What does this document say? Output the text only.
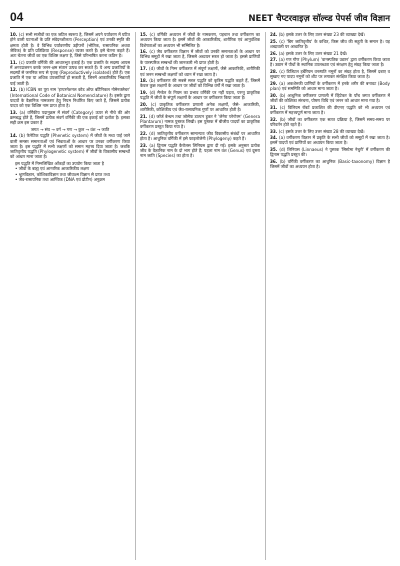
04	NEET चैप्टरवाइज़ सॉल्व्ड पेपर्स जीव विज्ञान

10. (c) सभी सजीवों का एक जटिल स्वरूप है, जिसमें अपने पर्यावरण में घटित होने वाली घटनाओं के प्रति संवेदनशीलता (Perception) एवं उनकी स्मृति की क्षमता होती है। वे विभिन्न पर्यावरणीय उद्दीपनों (भौतिक, रासायनिक अथवा जैविक) के प्रति प्रतिक्रिया (Response) व्यक्त करते हैं। इसे चेतना कहते हैं। अतः चेतना जीवों का एक विशिष्ट लक्षण है, जिसे परिभाषित करना कठिन है।

11. (c) प्रजाति वर्गिकी की आधारभूत इकाई है। एक प्रजाति के सदस्य आपस में अन्तःप्रजनन करके जनन-क्षम संतान उत्पन्न कर सकते हैं। ये अन्य प्रजातियों के सदस्यों से जननिक रूप से पृथक् (Reproductively isolated) होते हैं। एक प्रजाति में एक या अधिक उपजातियाँ हो सकती हैं, जिनमें आकारिकीय भिन्नताएँ पाई जाती हैं।

12. (b) ICBN का पूरा नाम 'इण्टरनेशनल कोड ऑफ बॉटैनिकल नोमेनक्लेचर' (International Code of Botanical Nomenclature) है। इसके द्वारा पादपों के वैज्ञानिक नामकरण हेतु नियम निर्धारित किए जाते हैं, जिससे प्रत्येक पादप को एक विशिष्ट नाम प्राप्त होता है।

13. (a) वर्गिकीय पदानुक्रम में संवर्ग (Category) ऊपर से नीचे की ओर क्रमबद्ध होते हैं, जिसमें प्रत्येक संवर्ग वर्गिकी की एक इकाई को दर्शाता है। इसका सही क्रम इस प्रकार है

जगत → संघ → वर्ग → गण → कुल → वंश → जाति

14. (b) फेनेटिक पद्धति (Phenetic system) में जीवों के मध्य पाई जाने वाली समस्त समानताओं एवं भिन्नताओं के आधार पर उनका वर्गीकरण किया जाता है। इस पद्धति में सभी लक्षणों को समान महत्त्व दिया जाता है। जबकि जातिवृत्तीय पद्धति (Phylogenetic system) में जीवों के विकासीय सम्बन्धों को आधार माना जाता है।

इस पद्धति में निम्नलिखित आँकड़ों का उपयोग किया जाता है

• जीवों के बाह्य एवं आन्तरिक आकारिकीय लक्षण

• भ्रूणविज्ञान, कोशिकाविज्ञान तथा जीवाश्म विज्ञान से प्राप्त तथ्य

• जैव-रासायनिक तथा आण्विक (DNA एवं प्रोटीन) अनुक्रम

15. (c) वर्गिकी अध्ययन में जीवों के नामकरण, पहचान तथा वर्गीकरण का अध्ययन किया जाता है। इसमें जीवों की आकारिकीय, शारीरिक एवं आनुवंशिक विशेषताओं का अध्ययन भी सम्मिलित है।

16. (c) जैव वर्गीकरण विज्ञान में जीवों को उनकी समानताओं के आधार पर विभिन्न समूहों में रखा जाता है, जिससे अध्ययन सरल हो जाता है। इससे प्राणियों के पारस्परिक सम्बन्धों की जानकारी भी प्राप्त होती है।

17. (d) जीवों के निम्न वर्गीकरण में संपूर्ण लक्षणों, जैसे आकारिकी, शारीरिकी एवं जनन सम्बन्धी लक्षणों को ध्यान में रखा जाता है।

18. (b) वर्गीकरण की सबसे सरल पद्धति को कृत्रिम पद्धति कहते हैं, जिसमें केवल कुछ लक्षणों के आधार पर जीवों को विभिन्न वर्गों में रखा जाता है।

19. (d) मैन्डेल के नियम का प्रभाव वर्गिकी पर नहीं पड़ता, परन्तु प्राकृतिक पद्धति में जीवों के संपूर्ण लक्षणों के आधार पर वर्गीकरण किया जाता है।

20. (c) प्राकृतिक वर्गीकरण प्रणाली अनेक लक्षणों, जैसे- आकारिकी, शारीरिकी, कोशिकीय एवं जैव-रासायनिक गुणों पर आधारित होती है।

21. (d) जॉर्ज बेन्थम तथा जोसेफ डाल्टन हूकर ने 'जेनेरा प्लेन्टेरम' (Genera Plantarum) नामक पुस्तक लिखी। इस पुस्तक में बीजीय पादपों का प्राकृतिक वर्गीकरण प्रस्तुत किया गया है।

22. (d) जातिवृत्तीय वर्गीकरण सामान्यतः जीव विकासीय संबंधों पर आधारित होता है। आधुनिक वर्गिकी में इसे फाइलोजेनी (Phylogeny) कहते हैं।

23. (a) द्विनाम पद्धति कैरोलस लिनियस द्वारा दी गई। इसके अनुसार प्रत्येक जीव के वैज्ञानिक नाम के दो भाग होते हैं; पहला नाम वंश (Genus) एवं दूसरा नाम जाति (Species) का होता है।

24. (b) इसके उत्तर के लिए उत्तर संख्या 23 की व्याख्या देखें।

25. (c) 'बिग जातिवृत्तीय' के कथित, किस जीव की सहूती के समान है। यह शब्दावली पर आधारित है।

26. (a) इसके उत्तर के लिए उत्तर संख्या 21 देखें।

27. (a) गण गौण (Phylum) 'वानस्पतिक उद्यान' द्वारा वर्गीकरण किया जाता है। उद्यान में पौधों के स्थानिक उपलब्धता एवं संरक्षण हेतु संग्रह किया जाता है।

28. (c) डिजिटल हर्बेरियम वनस्पति नमूनों का संग्रह होता है, जिसमें दबाए व सुखाए गए पादप नमूनों को शीट पर लगाकर संरक्षित किया जाता है।

29. (a) अकशेरुकी प्राणियों के वर्गीकरण में इनके शरीर की बनावट (Body plan) एवं सममिति को आधार माना जाता है।

30. (b) आधुनिक वर्गीकरण प्रणाली में व्हिटेकर के पाँच जगत वर्गीकरण में जीवों की कोशिका संरचना, पोषण विधि एवं जनन को आधार माना गया है।

31. (c) विलियम रॉबर्ट प्रकाशित की डीएनए पद्धति को भी अध्ययन एवं वर्गीकरण में महत्त्वपूर्ण माना जाता है।

32. (b) जीवों का वर्गीकरण एक सतत प्रक्रिया है, जिसमें समय-समय पर परिवर्तन होते रहते हैं।

33. (c) इसके उत्तर के लिए उत्तर संख्या 28 की व्याख्या देखें।

34. (a) वर्गीकरण विज्ञान में प्रकृति के सभी जीवों को समूहों में रखा जाता है। इसमें पादपों एवं प्राणियों का अध्ययन किया जाता है।

35. (d) लिनियस (Linnaeus) ने पुस्तक 'सिस्टेमा नेचुरी' में वर्गीकरण की द्विनाम पद्धति प्रस्तुत की।

36. (b) वर्गिकी वर्गीकरण का आधुनिक (Basic-taxonomy) विज्ञान है जिसमें जीवों का अध्ययन होता है।
